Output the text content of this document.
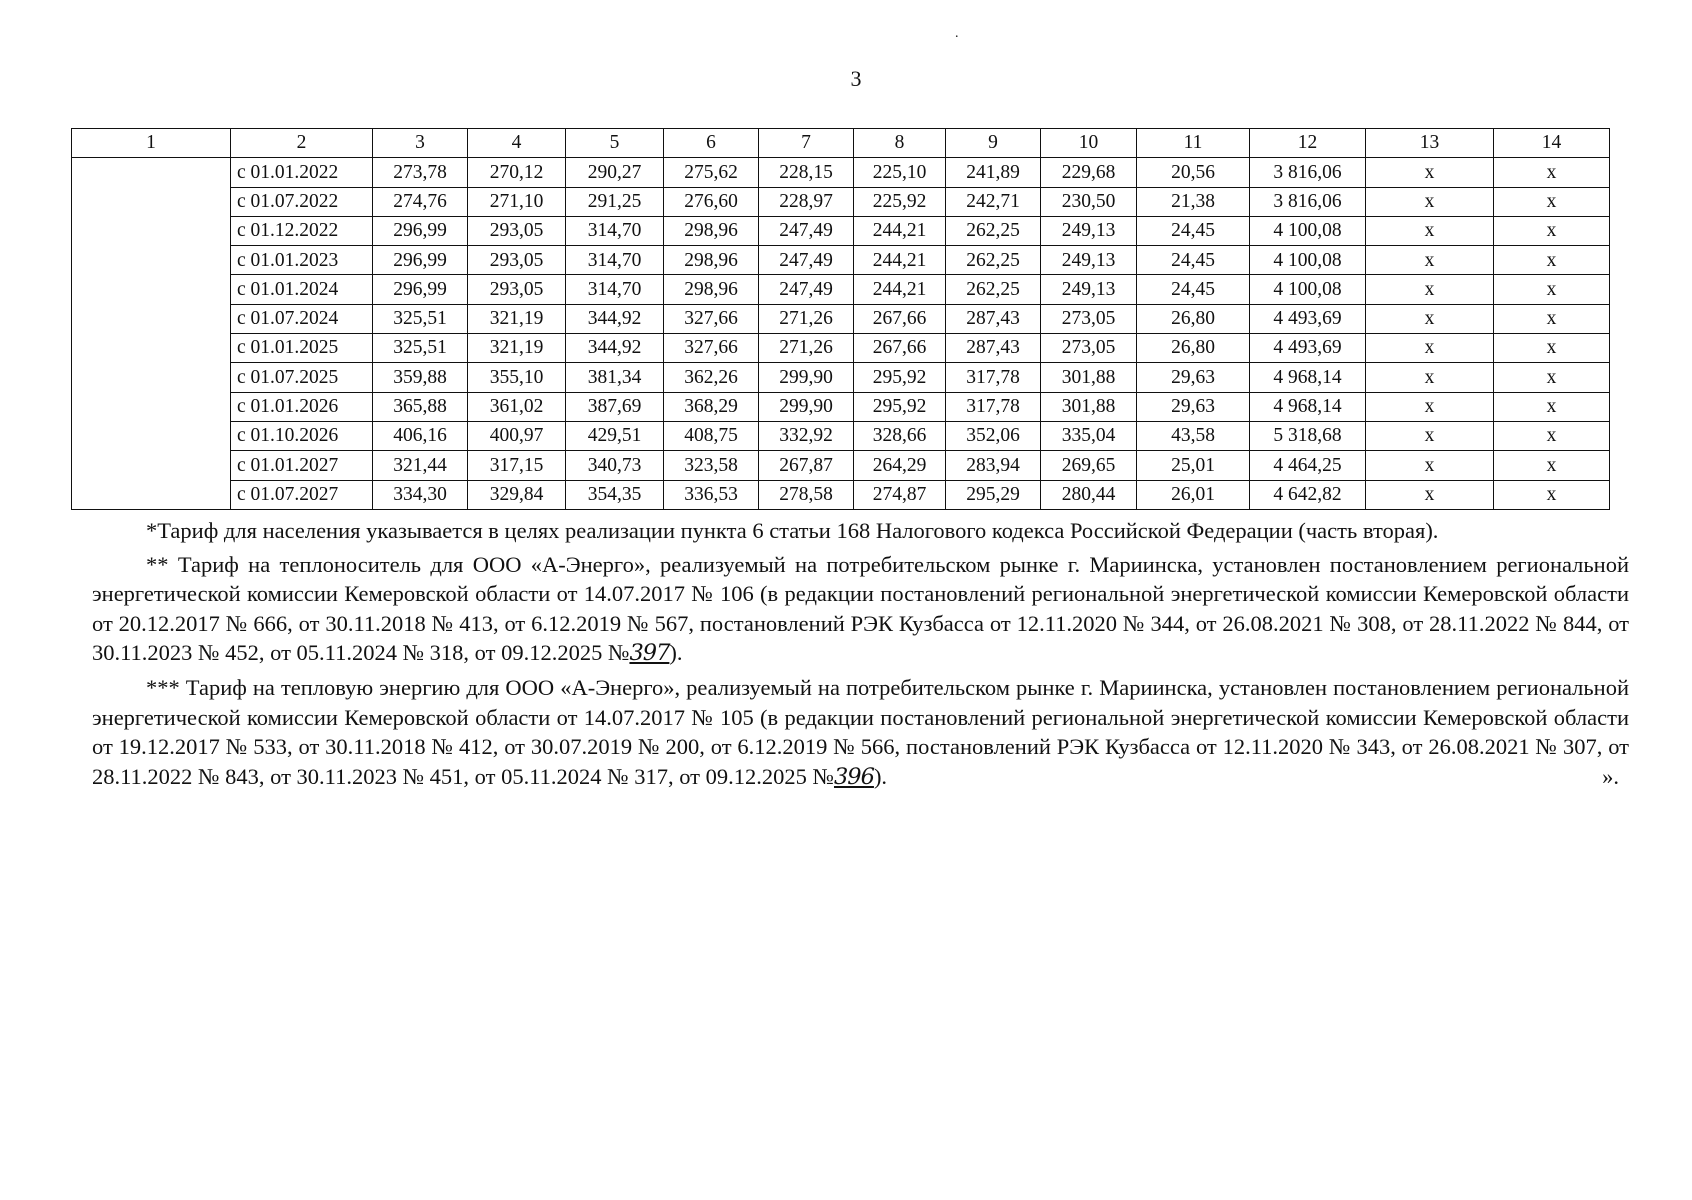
.
3
1	2	3	4	5	6	7	8	9	10	11	12	13	14
	с 01.01.2022	273,78	270,12	290,27	275,62	228,15	225,10	241,89	229,68	20,56	3 816,06	x	x
	с 01.07.2022	274,76	271,10	291,25	276,60	228,97	225,92	242,71	230,50	21,38	3 816,06	x	x
	с 01.12.2022	296,99	293,05	314,70	298,96	247,49	244,21	262,25	249,13	24,45	4 100,08	x	x
	с 01.01.2023	296,99	293,05	314,70	298,96	247,49	244,21	262,25	249,13	24,45	4 100,08	x	x
	с 01.01.2024	296,99	293,05	314,70	298,96	247,49	244,21	262,25	249,13	24,45	4 100,08	x	x
	с 01.07.2024	325,51	321,19	344,92	327,66	271,26	267,66	287,43	273,05	26,80	4 493,69	x	x
	с 01.01.2025	325,51	321,19	344,92	327,66	271,26	267,66	287,43	273,05	26,80	4 493,69	x	x
	с 01.07.2025	359,88	355,10	381,34	362,26	299,90	295,92	317,78	301,88	29,63	4 968,14	x	x
	с 01.01.2026	365,88	361,02	387,69	368,29	299,90	295,92	317,78	301,88	29,63	4 968,14	x	x
	с 01.10.2026	406,16	400,97	429,51	408,75	332,92	328,66	352,06	335,04	43,58	5 318,68	x	x
	с 01.01.2027	321,44	317,15	340,73	323,58	267,87	264,29	283,94	269,65	25,01	4 464,25	x	x
	с 01.07.2027	334,30	329,84	354,35	336,53	278,58	274,87	295,29	280,44	26,01	4 642,82	x	x

*Тариф для населения указывается в целях реализации пункта 6 статьи 168 Налогового кодекса Российской Федерации (часть вторая).

** Тариф на теплоноситель для ООО «А-Энерго», реализуемый на потребительском рынке г. Мариинска, установлен постановлением региональной энергетической комиссии Кемеровской области от 14.07.2017 № 106 (в редакции постановлений региональной энергетической комиссии Кемеровской области от 20.12.2017 № 666, от 30.11.2018 № 413, от 6.12.2019 № 567, постановлений РЭК Кузбасса от 12.11.2020 № 344, от 26.08.2021 № 308, от 28.11.2022 № 844, от 30.11.2023 № 452, от 05.11.2024 № 318, от 09.12.2025 №397).

*** Тариф на тепловую энергию для ООО «А-Энерго», реализуемый на потребительском рынке г. Мариинска, установлен постановлением региональной энергетической комиссии Кемеровской области от 14.07.2017 № 105 (в редакции постановлений региональной энергетической комиссии Кемеровской области от 19.12.2017 № 533, от 30.11.2018 № 412, от 30.07.2019 № 200, от 6.12.2019 № 566, постановлений РЭК Кузбасса от 12.11.2020 № 343, от 26.08.2021 № 307, от 28.11.2022 № 843, от 30.11.2023 № 451, от 05.11.2024 № 317, от 09.12.2025 №396).	».
